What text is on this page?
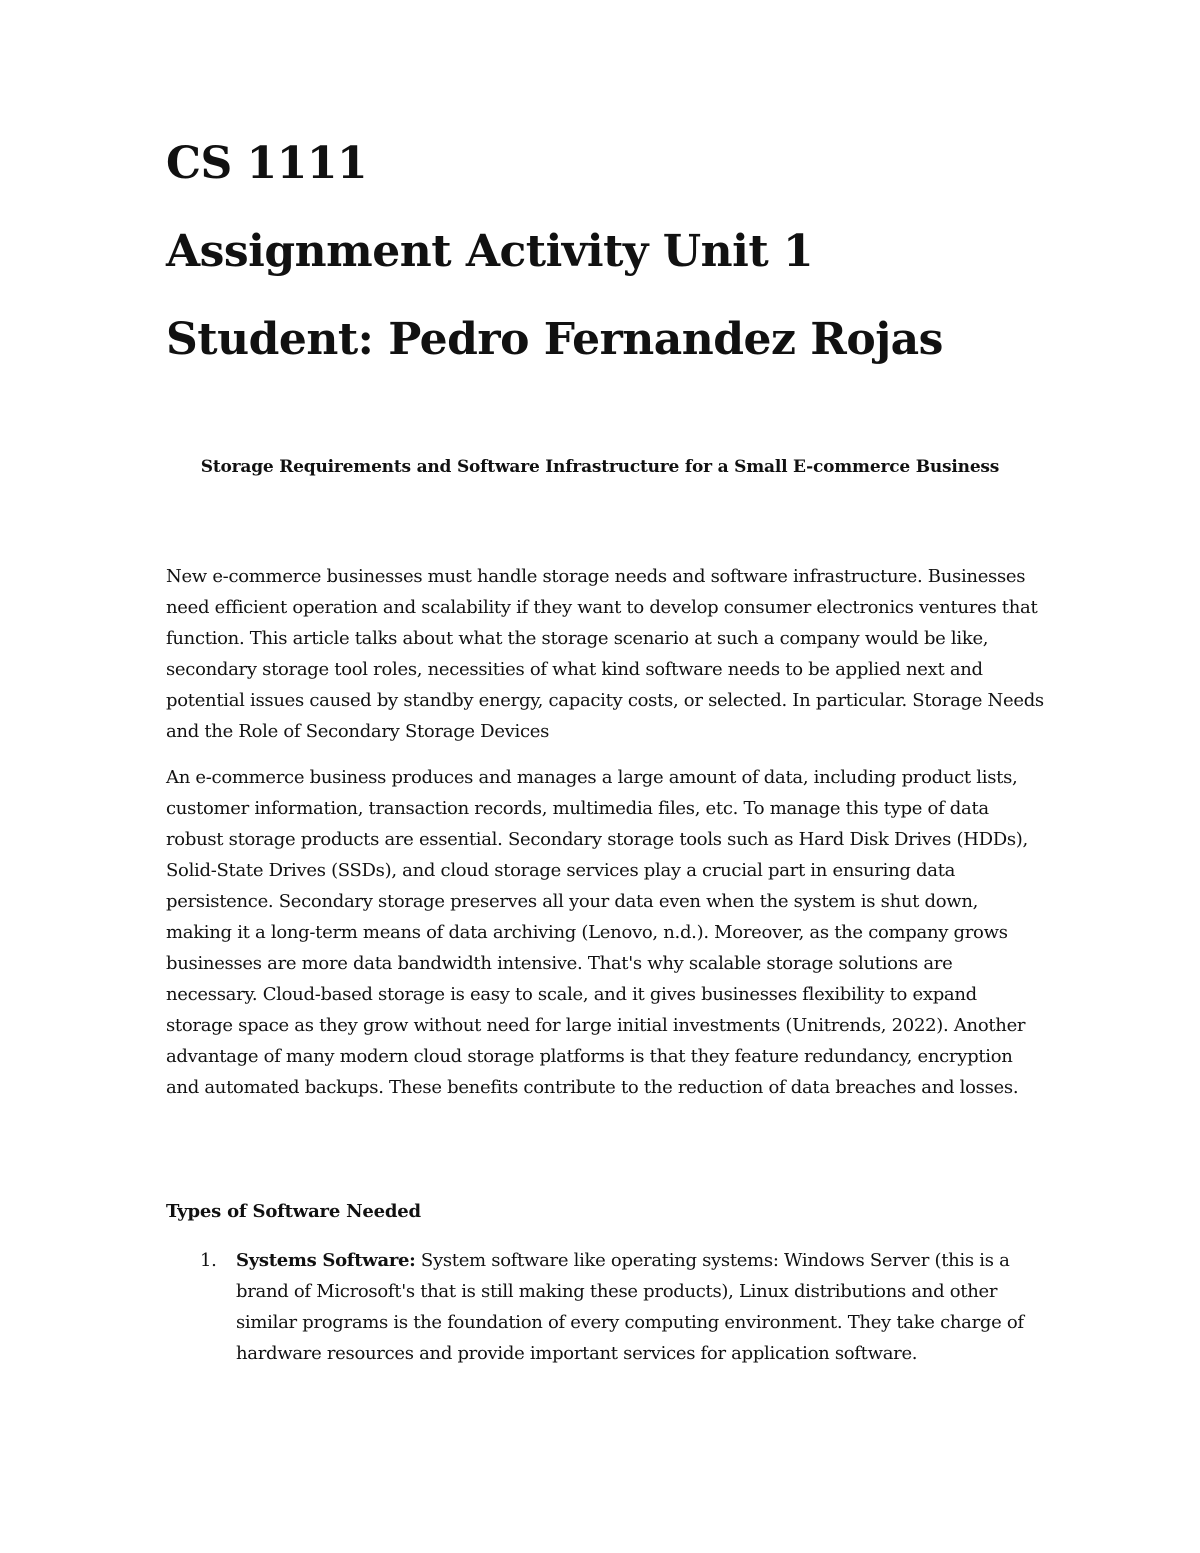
CS 1111
Assignment Activity Unit 1
Student: Pedro Fernandez Rojas
Storage Requirements and Software Infrastructure for a Small E-commerce Business

New e-commerce businesses must handle storage needs and software infrastructure. Businesses need efficient operation and scalability if they want to develop consumer electronics ventures that function. This article talks about what the storage scenario at such a company would be like, secondary storage tool roles, necessities of what kind software needs to be applied next and potential issues caused by standby energy, capacity costs, or selected. In particular. Storage Needs and the Role of Secondary Storage Devices

An e-commerce business produces and manages a large amount of data, including product lists, customer information, transaction records, multimedia files, etc. To manage this type of data robust storage products are essential. Secondary storage tools such as Hard Disk Drives (HDDs), Solid-State Drives (SSDs), and cloud storage services play a crucial part in ensuring data persistence. Secondary storage preserves all your data even when the system is shut down, making it a long-term means of data archiving (Lenovo, n.d.). Moreover, as the company grows businesses are more data bandwidth intensive. That's why scalable storage solutions are necessary. Cloud-based storage is easy to scale, and it gives businesses flexibility to expand storage space as they grow without need for large initial investments (Unitrends, 2022). Another advantage of many modern cloud storage platforms is that they feature redundancy, encryption and automated backups. These benefits contribute to the reduction of data breaches and losses.

Types of Software Needed
1. Systems Software: System software like operating systems: Windows Server (this is a brand of Microsoft's that is still making these products), Linux distributions and other similar programs is the foundation of every computing environment. They take charge of hardware resources and provide important services for application software.
